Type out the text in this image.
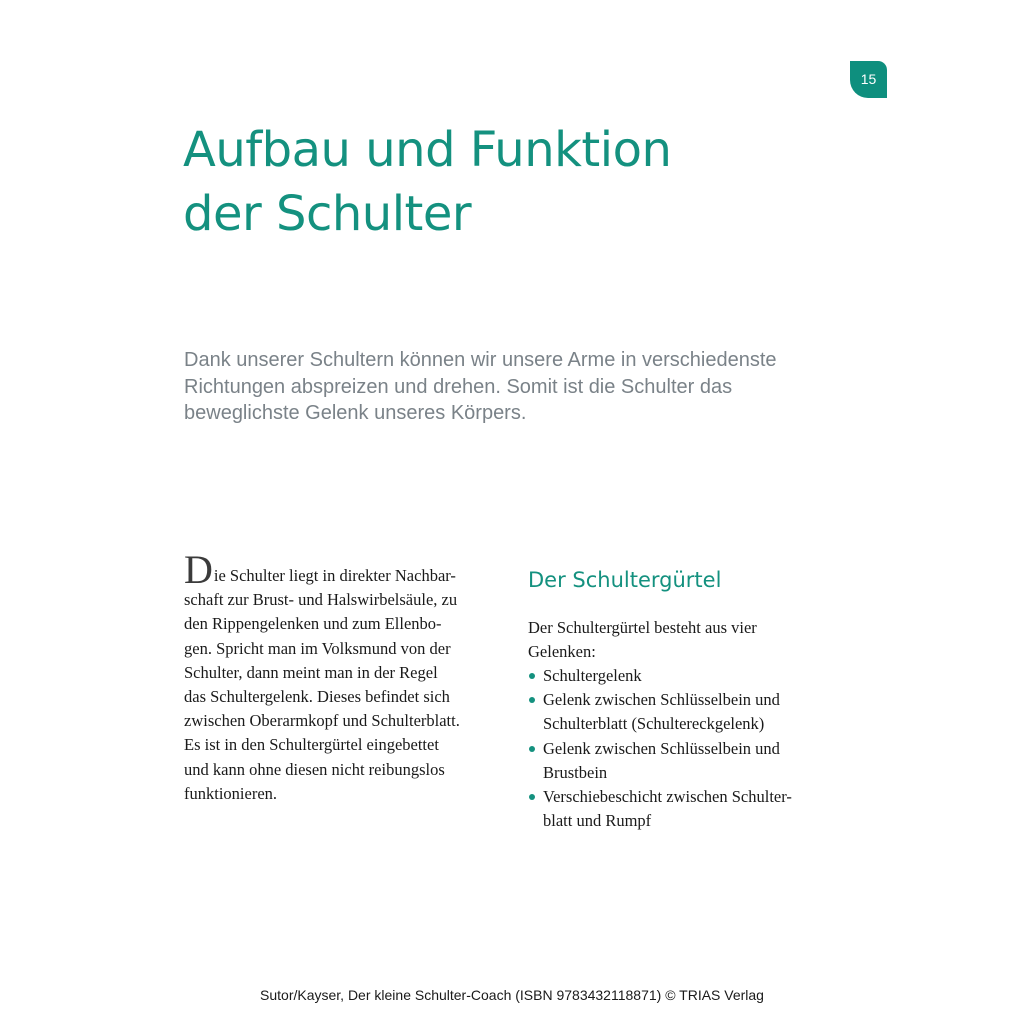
15
Aufbau und Funktion
der Schulter

Dank unserer Schultern können wir unsere Arme in verschiedenste
Richtungen abspreizen und drehen. Somit ist die Schulter das
beweglichste Gelenk unseres Körpers.

Die Schulter liegt in direkter Nachbar-
schaft zur Brust- und Halswirbelsäule, zu
den Rippengelenken und zum Ellenbo-
gen. Spricht man im Volksmund von der
Schulter, dann meint man in der Regel
das Schultergelenk. Dieses befindet sich
zwischen Oberarmkopf und Schulterblatt.
Es ist in den Schultergürtel eingebettet
und kann ohne diesen nicht reibungslos
funktionieren.
Der Schultergürtel

Der Schultergürtel besteht aus vier
Gelenken:

Schultergelenk
Gelenk zwischen Schlüsselbein und
Schulterblatt (Schultereckgelenk)
Gelenk zwischen Schlüsselbein und
Brustbein
Verschiebeschicht zwischen Schulter-
blatt und Rumpf
Sutor/Kayser, Der kleine Schulter-Coach (ISBN 9783432118871) © TRIAS Verlag
